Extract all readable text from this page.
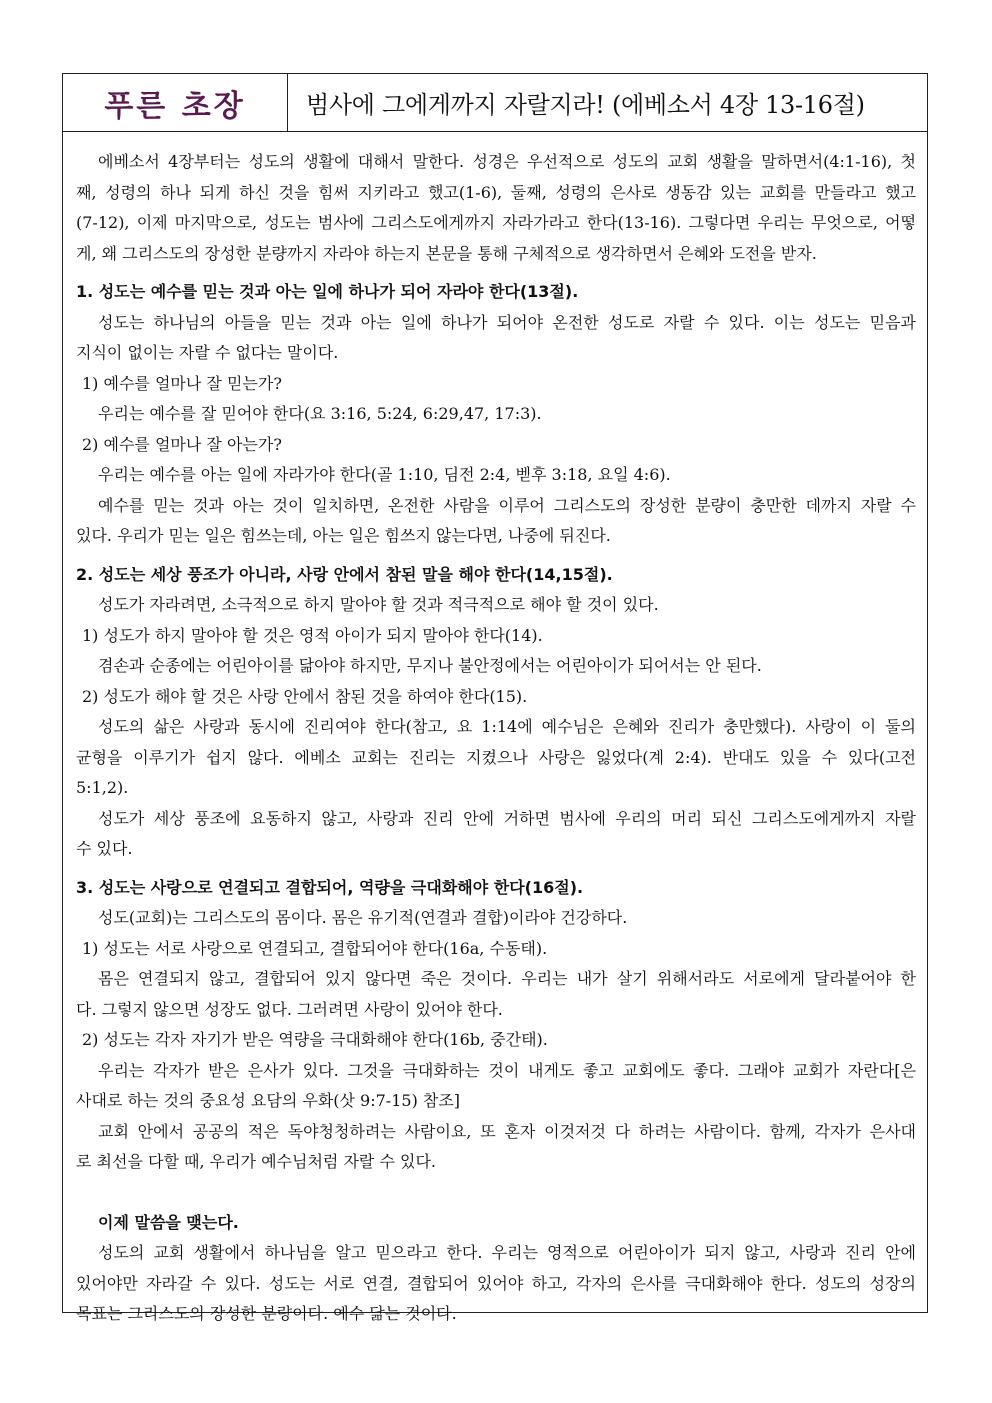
푸른 초장	범사에 그에게까지 자랄지라! (에베소서 4장 13-16절)
에베소서 4장부터는 성도의 생활에 대해서 말한다. 성경은 우선적으로 성도의 교회 생활을 말하면서(4:1-16), 첫
째, 성령의 하나 되게 하신 것을 힘써 지키라고 했고(1-6), 둘째, 성령의 은사로 생동감 있는 교회를 만들라고 했고
(7-12), 이제 마지막으로, 성도는 범사에 그리스도에게까지 자라가라고 한다(13-16). 그렇다면 우리는 무엇으로, 어떻
게, 왜 그리스도의 장성한 분량까지 자라야 하는지 본문을 통해 구체적으로 생각하면서 은혜와 도전을 받자.
1. 성도는 예수를 믿는 것과 아는 일에 하나가 되어 자라야 한다(13절).
성도는 하나님의 아들을 믿는 것과 아는 일에 하나가 되어야 온전한 성도로 자랄 수 있다. 이는 성도는 믿음과
지식이 없이는 자랄 수 없다는 말이다.
1) 예수를 얼마나 잘 믿는가?
우리는 예수를 잘 믿어야 한다(요 3:16, 5:24, 6:29,47, 17:3).
2) 예수를 얼마나 잘 아는가?
우리는 예수를 아는 일에 자라가야 한다(골 1:10, 딤전 2:4, 벧후 3:18, 요일 4:6).
예수를 믿는 것과 아는 것이 일치하면, 온전한 사람을 이루어 그리스도의 장성한 분량이 충만한 데까지 자랄 수
있다. 우리가 믿는 일은 힘쓰는데, 아는 일은 힘쓰지 않는다면, 나중에 뒤진다.
2. 성도는 세상 풍조가 아니라, 사랑 안에서 참된 말을 해야 한다(14,15절).
성도가 자라려면, 소극적으로 하지 말아야 할 것과 적극적으로 해야 할 것이 있다.
1) 성도가 하지 말아야 할 것은 영적 아이가 되지 말아야 한다(14).
겸손과 순종에는 어린아이를 닮아야 하지만, 무지나 불안정에서는 어린아이가 되어서는 안 된다.
2) 성도가 해야 할 것은 사랑 안에서 참된 것을 하여야 한다(15).
성도의 삶은 사랑과 동시에 진리여야 한다(참고, 요 1:14에 예수님은 은혜와 진리가 충만했다). 사랑이 이 둘의
균형을 이루기가 쉽지 않다. 에베소 교회는 진리는 지켰으나 사랑은 잃었다(계 2:4). 반대도 있을 수 있다(고전
5:1,2).
성도가 세상 풍조에 요동하지 않고, 사랑과 진리 안에 거하면 범사에 우리의 머리 되신 그리스도에게까지 자랄
수 있다.
3. 성도는 사랑으로 연결되고 결합되어, 역량을 극대화해야 한다(16절).
성도(교회)는 그리스도의 몸이다. 몸은 유기적(연결과 결합)이라야 건강하다.
1) 성도는 서로 사랑으로 연결되고, 결합되어야 한다(16a, 수동태).
몸은 연결되지 않고, 결합되어 있지 않다면 죽은 것이다. 우리는 내가 살기 위해서라도 서로에게 달라붙어야 한
다. 그렇지 않으면 성장도 없다. 그러려면 사랑이 있어야 한다.
2) 성도는 각자 자기가 받은 역량을 극대화해야 한다(16b, 중간태).
우리는 각자가 받은 은사가 있다. 그것을 극대화하는 것이 내게도 좋고 교회에도 좋다. 그래야 교회가 자란다[은
사대로 하는 것의 중요성 요담의 우화(삿 9:7-15) 참조]
교회 안에서 공공의 적은 독야청청하려는 사람이요, 또 혼자 이것저것 다 하려는 사람이다. 함께, 각자가 은사대
로 최선을 다할 때, 우리가 예수님처럼 자랄 수 있다.
이제 말씀을 맺는다.
성도의 교회 생활에서 하나님을 알고 믿으라고 한다. 우리는 영적으로 어린아이가 되지 않고, 사랑과 진리 안에
있어야만 자라갈 수 있다. 성도는 서로 연결, 결합되어 있어야 하고, 각자의 은사를 극대화해야 한다. 성도의 성장의
목표는 그리스도의 장성한 분량이다. 예수 닮는 것이다.
